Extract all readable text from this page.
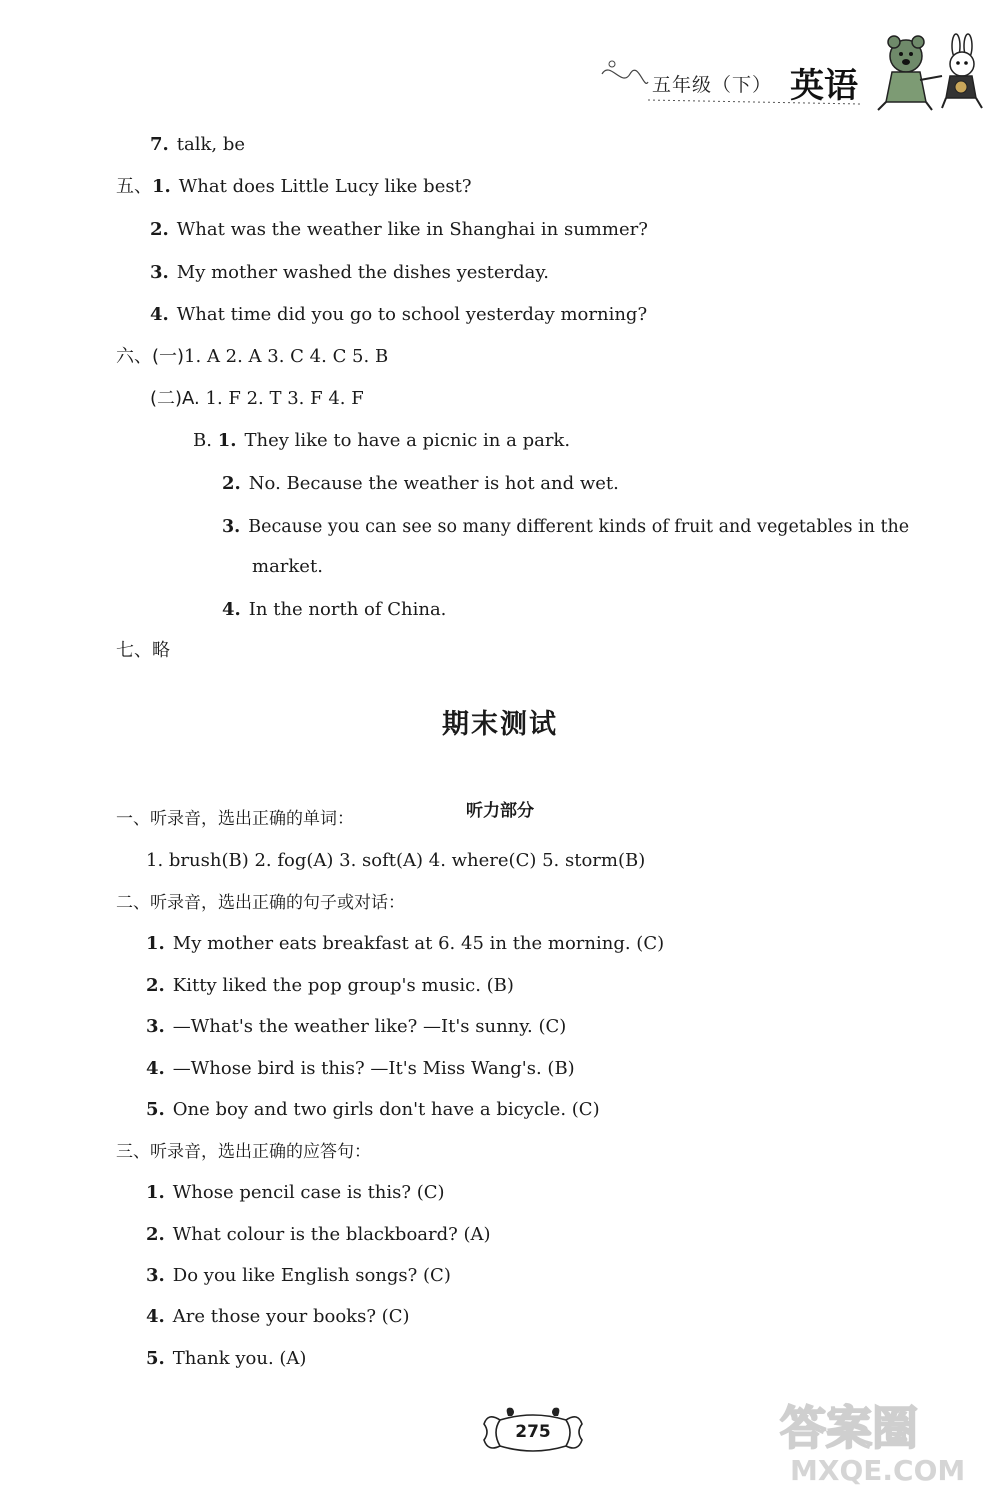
五年级（下） 英语
7. talk, be
五、1. What does Little Lucy like best?
2. What was the weather like in Shanghai in summer?
3. My mother washed the dishes yesterday.
4. What time did you go to school yesterday morning?
六、(一)1. A 2. A 3. C 4. C 5. B
(二)A. 1. F 2. T 3. F 4. F
B. 1. They like to have a picnic in a park.
2. No. Because the weather is hot and wet.
3. Because you can see so many different kinds of fruit and vegetables in the
market.
4. In the north of China.
七、略
期末测试
听力部分
一、听录音，选出正确的单词：
1. brush(B) 2. fog(A) 3. soft(A) 4. where(C) 5. storm(B)
二、听录音，选出正确的句子或对话：
1. My mother eats breakfast at 6. 45 in the morning. (C)
2. Kitty liked the pop group's music. (B)
3. —What's the weather like? —It's sunny. (C)
4. —Whose bird is this? —It's Miss Wang's. (B)
5. One boy and two girls don't have a bicycle. (C)
三、听录音，选出正确的应答句：
1. Whose pencil case is this? (C)
2. What colour is the blackboard? (A)
3. Do you like English songs? (C)
4. Are those your books? (C)
5. Thank you. (A)
275	答案圈
MXQE.COM
